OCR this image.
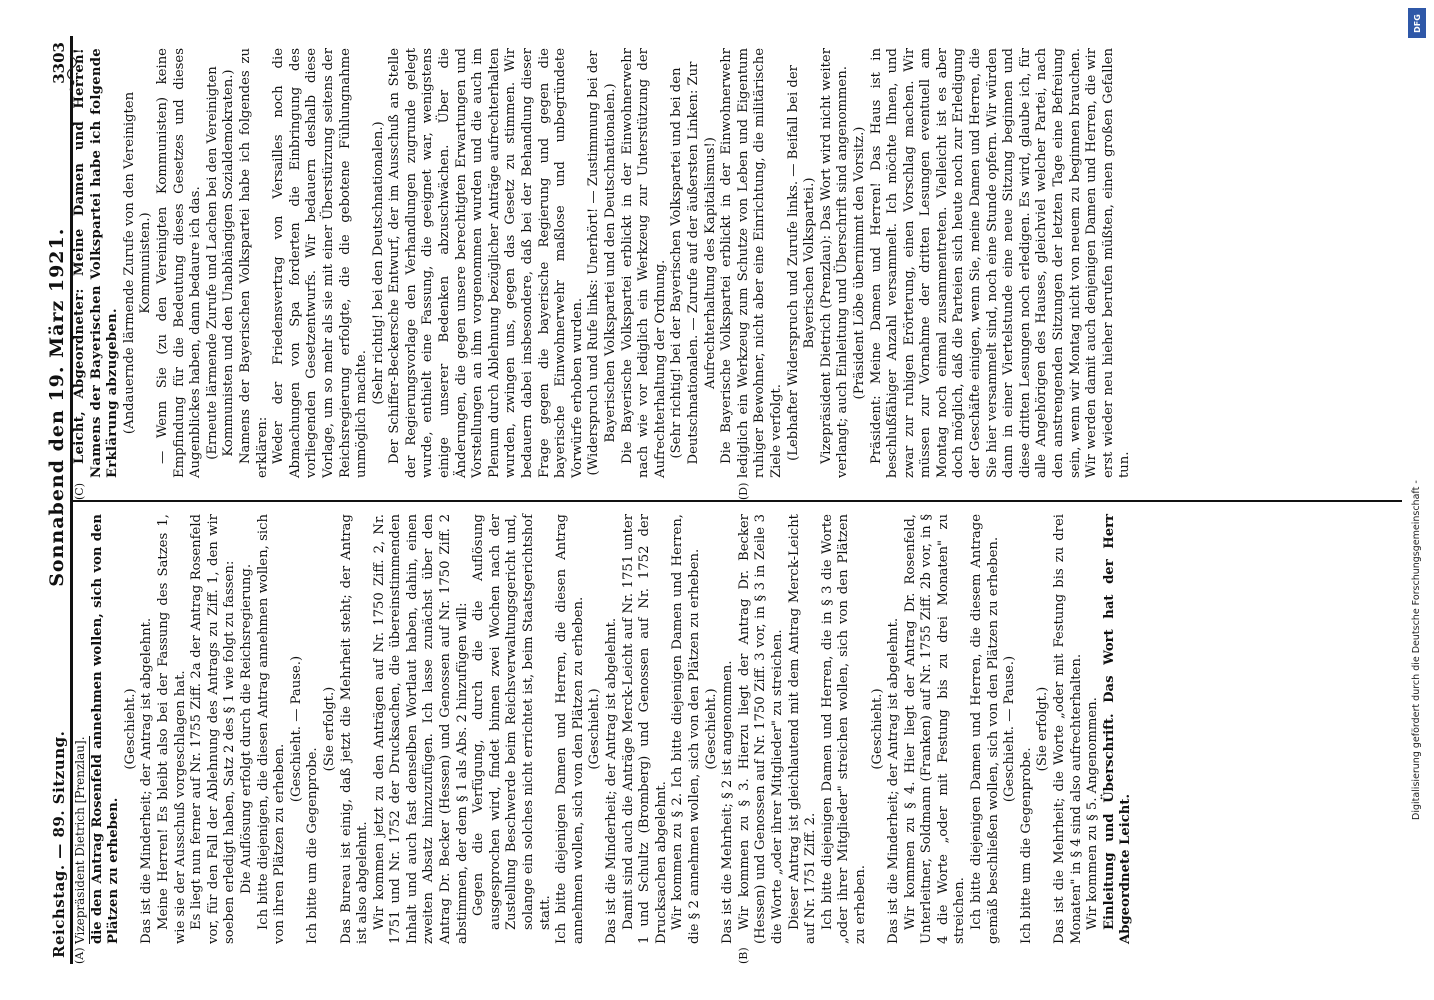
Reichstag. — 89. Sitzung.
Sonnabend den 19. März 1921.
3303
(A)	(B)

Vizepräsident Dietrich [Prenzlau]. die den Antrag Rosenfeld annehmen wollen, sich von den Plätzen zu erheben.

(Geschieht.) Das ist die Minderheit; der Antrag ist abgelehnt. Meine Herren! Es bleibt also bei der Fassung des Satzes 1, wie sie der Ausschuß vorgeschlagen hat. Es liegt nun ferner auf Nr. 1755 Ziff. 2a der Antrag Rosenfeld vor, für den Fall der Ablehnung des Antrags zu Ziff. 1, den wir soeben erledigt haben, Satz 2 des § 1 wie folgt zu fassen: Die Auflösung erfolgt durch die Reichsregierung. Ich bitte diejenigen, die diesen Antrag annehmen wollen, sich von ihren Plätzen zu erheben.

(Geschieht. — Pause.)

Ich bitte um die Gegenprobe.

(Sie erfolgt.) Das Bureau ist einig, daß jetzt die Mehrheit steht; der Antrag ist also abgelehnt. Wir kommen jetzt zu den Anträgen auf Nr. 1750 Ziff. 2, Nr. 1751 und Nr. 1752 der Drucksachen, die übereinstimmenden Inhalt und auch fast denselben Wortlaut haben, dahin, einen zweiten Absatz hinzuzufügen. Ich lasse zunächst über den Antrag Dr. Becker (Hessen) und Genossen auf Nr. 1750 Ziff. 2 abstimmen, der dem § 1 als Abs. 2 hinzufügen will: Gegen die Verfügung, durch die die Auflösung ausgesprochen wird, findet binnen zwei Wochen nach der Zustellung Beschwerde beim Reichsverwaltungsgericht und, solange ein solches nicht errichtet ist, beim Staatsgerichtshof statt. Ich bitte diejenigen Damen und Herren, die diesen Antrag annehmen wollen, sich von den Plätzen zu erheben. (Geschieht.) Das ist die Minderheit; der Antrag ist abgelehnt. Damit sind auch die Anträge Merck-Leicht auf Nr. 1751 unter 1 und Schultz (Bromberg) und Genossen auf Nr. 1752 der Drucksachen abgelehnt. Wir kommen zu § 2. Ich bitte diejenigen Damen und Herren, die § 2 annehmen wollen, sich von den Plätzen zu erheben. (Geschieht.) Das ist die Mehrheit; § 2 ist angenommen. Wir kommen zu § 3. Hierzu liegt der Antrag Dr. Becker (Hessen) und Genossen auf Nr. 1750 Ziff. 3 vor, in § 3 in Zeile 3 die Worte „oder ihrer Mitglieder" zu streichen. Dieser Antrag ist gleichlautend mit dem Antrag Merck-Leicht auf Nr. 1751 Ziff. 2. Ich bitte diejenigen Damen und Herren, die in § 3 die Worte „oder ihrer Mitglieder" streichen wollen, sich von den Plätzen zu erheben.

(Geschieht.) Das ist die Minderheit; der Antrag ist abgelehnt. Wir kommen zu § 4. Hier liegt der Antrag Dr. Rosenfeld, Unterleitner, Soldmann (Franken) auf Nr. 1755 Ziff. 2b vor, in § 4 die Worte „oder mit Festung bis zu drei Monaten" zu streichen. Ich bitte diejenigen Damen und Herren, die diesem Antrage gemäß beschließen wollen, sich von den Plätzen zu erheben. (Geschieht. — Pause.)

Ich bitte um die Gegenprobe.

(Sie erfolgt.) Das ist die Mehrheit; die Worte „oder mit Festung bis zu drei Monaten" in § 4 sind also aufrechterhalten. Wir kommen zu § 5. Angenommen. Einleitung und Überschrift. Das Wort hat der Herr Abgeordnete Leicht.

(C)	(D)

Leicht, Abgeordneter: Meine Damen und Herren! Namens der Bayerischen Volkspartei habe ich folgende Erklärung abzugeben. (Andauernde lärmende Zurufe von den Vereinigten Kommunisten.) — Wenn Sie (zu den Vereinigten Kommunisten) keine Empfindung für die Bedeutung dieses Gesetzes und dieses Augenblickes haben, dann bedaure ich das. (Erneute lärmende Zurufe und Lachen bei den Vereinigten Kommunisten und den Unabhängigen Sozialdemokraten.) Namens der Bayerischen Volkspartei habe ich folgendes zu erklären: Weder der Friedensvertrag von Versailles noch die Abmachungen von Spa forderten die Einbringung des vorliegenden Gesetzentwurfs. Wir bedauern deshalb diese Vorlage, um so mehr als sie mit einer Überstürzung seitens der Reichsregierung erfolgte, die die gebotene Fühlungnahme unmöglich machte.

(Sehr richtig! bei den Deutschnationalen.) Der Schiffer-Beckersche Entwurf, der im Ausschuß an Stelle der Regierungsvorlage den Verhandlungen zugrunde gelegt wurde, enthielt eine Fassung, die geeignet war, wenigstens einige unserer Bedenken abzuschwächen. Über die Änderungen, die gegen unsere berechtigten Erwartungen und Vorstellungen an ihm vorgenommen wurden und die auch im Plenum durch Ablehnung bezüglicher Anträge aufrechterhalten wurden, zwingen uns, gegen das Gesetz zu stimmen. Wir bedauern dabei insbesondere, daß bei der Behandlung dieser Frage gegen die bayerische Regierung und gegen die bayerische Einwohnerwehr maßlose und unbegründete Vorwürfe erhoben wurden. (Widerspruch und Rufe links: Unerhört! — Zustimmung bei der Bayerischen Volkspartei und den Deutschnationalen.) Die Bayerische Volkspartei erblickt in der Einwohnerwehr nach wie vor lediglich ein Werkzeug zur Unterstützung der Aufrechterhaltung der Ordnung. (Sehr richtig! bei der Bayerischen Volkspartei und bei den Deutschnationalen. — Zurufe auf der äußersten Linken: Zur Aufrechterhaltung des Kapitalismus!) Die Bayerische Volkspartei erblickt in der Einwohnerwehr lediglich ein Werkzeug zum Schutze von Leben und Eigentum ruhiger Bewohner, nicht aber eine Einrichtung, die militärische Ziele verfolgt. (Lebhafter Widerspruch und Zurufe links. — Beifall bei der Bayerischen Volkspartei.) Vizepräsident Dietrich (Prenzlau): Das Wort wird nicht weiter verlangt; auch Einleitung und Überschrift sind angenommen. (Präsident Löbe übernimmt den Vorsitz.) Präsident: Meine Damen und Herren! Das Haus ist in beschlußfähiger Anzahl versammelt. Ich möchte Ihnen, und zwar zur ruhigen Erörterung, einen Vorschlag machen. Wir müssen zur Vornahme der dritten Lesungen eventuell am Montag noch einmal zusammentreten. Vielleicht ist es aber doch möglich, daß die Parteien sich heute noch zur Erledigung der Geschäfte einigen, wenn Sie, meine Damen und Herren, die Sie hier versammelt sind, noch eine Stunde opfern. Wir würden dann in einer Viertelstunde eine neue Sitzung beginnen und diese dritten Lesungen noch erledigen. Es wird, glaube ich, für alle Angehörigen des Hauses, gleichviel welcher Partei, nach den anstrengenden Sitzungen der letzten Tage eine Befreiung sein, wenn wir Montag nicht von neuem zu beginnen brauchen. Wir werden damit auch denjenigen Damen und Herren, die wir erst wieder neu hieher berufen müßten, einen großen Gefallen tun.

DFG
Digitalisierung gefördert durch die Deutsche Forschungsgemeinschaft -
